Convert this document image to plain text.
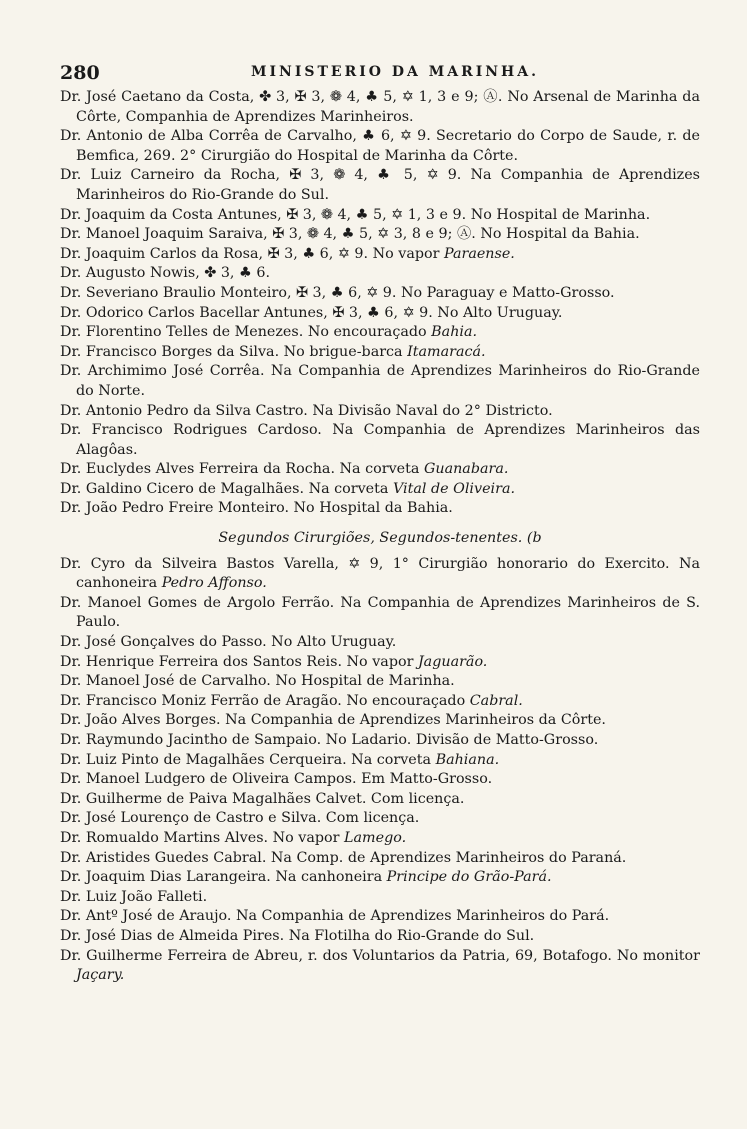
280	MINISTERIO DA MARINHA.

Dr. José Caetano da Costa, ✤ 3, ✠ 3, ❁ 4, ♣ 5, ✡ 1, 3 e 9; Ⓐ. No Arsenal de Marinha da Côrte, Companhia de Aprendizes Marinheiros.

Dr. Antonio de Alba Corrêa de Carvalho, ♣ 6, ✡ 9. Secretario do Corpo de Saude, r. de Bemfica, 269. 2° Cirurgião do Hospital de Marinha da Côrte.

Dr. Luiz Carneiro da Rocha, ✠ 3, ❁ 4, ♣ 5, ✡ 9. Na Companhia de Aprendizes Marinheiros do Rio-Grande do Sul.

Dr. Joaquim da Costa Antunes, ✠ 3, ❁ 4, ♣ 5, ✡ 1, 3 e 9. No Hospital de Marinha.

Dr. Manoel Joaquim Saraiva, ✠ 3, ❁ 4, ♣ 5, ✡ 3, 8 e 9; Ⓐ. No Hospital da Bahia.

Dr. Joaquim Carlos da Rosa, ✠ 3, ♣ 6, ✡ 9. No vapor Paraense.

Dr. Augusto Nowis, ✤ 3, ♣ 6.

Dr. Severiano Braulio Monteiro, ✠ 3, ♣ 6, ✡ 9. No Paraguay e Matto-Grosso.

Dr. Odorico Carlos Bacellar Antunes, ✠ 3, ♣ 6, ✡ 9. No Alto Uruguay.

Dr. Florentino Telles de Menezes. No encouraçado Bahia.

Dr. Francisco Borges da Silva. No brigue-barca Itamaracá.

Dr. Archimimo José Corrêa. Na Companhia de Aprendizes Marinheiros do Rio-Grande do Norte.

Dr. Antonio Pedro da Silva Castro. Na Divisão Naval do 2° Districto.

Dr. Francisco Rodrigues Cardoso. Na Companhia de Aprendizes Marinheiros das Alagôas.

Dr. Euclydes Alves Ferreira da Rocha. Na corveta Guanabara.

Dr. Galdino Cicero de Magalhães. Na corveta Vital de Oliveira.

Dr. João Pedro Freire Monteiro. No Hospital da Bahia.

Segundos Cirurgiões, Segundos-tenentes. (b

Dr. Cyro da Silveira Bastos Varella, ✡ 9, 1° Cirurgião honorario do Exercito. Na canhoneira Pedro Affonso.

Dr. Manoel Gomes de Argolo Ferrão. Na Companhia de Aprendizes Marinheiros de S. Paulo.

Dr. José Gonçalves do Passo. No Alto Uruguay.

Dr. Henrique Ferreira dos Santos Reis. No vapor Jaguarão.

Dr. Manoel José de Carvalho. No Hospital de Marinha.

Dr. Francisco Moniz Ferrão de Aragão. No encouraçado Cabral.

Dr. João Alves Borges. Na Companhia de Aprendizes Marinheiros da Côrte.

Dr. Raymundo Jacintho de Sampaio. No Ladario. Divisão de Matto-Grosso.

Dr. Luiz Pinto de Magalhães Cerqueira. Na corveta Bahiana.

Dr. Manoel Ludgero de Oliveira Campos. Em Matto-Grosso.

Dr. Guilherme de Paiva Magalhães Calvet. Com licença.

Dr. José Lourenço de Castro e Silva. Com licença.

Dr. Romualdo Martins Alves. No vapor Lamego.

Dr. Aristides Guedes Cabral. Na Comp. de Aprendizes Marinheiros do Paraná.

Dr. Joaquim Dias Larangeira. Na canhoneira Principe do Grão-Pará.

Dr. Luiz João Falleti.

Dr. Antº José de Araujo. Na Companhia de Aprendizes Marinheiros do Pará.

Dr. José Dias de Almeida Pires. Na Flotilha do Rio-Grande do Sul.

Dr. Guilherme Ferreira de Abreu, r. dos Voluntarios da Patria, 69, Botafogo. No monitor Jaçary.
